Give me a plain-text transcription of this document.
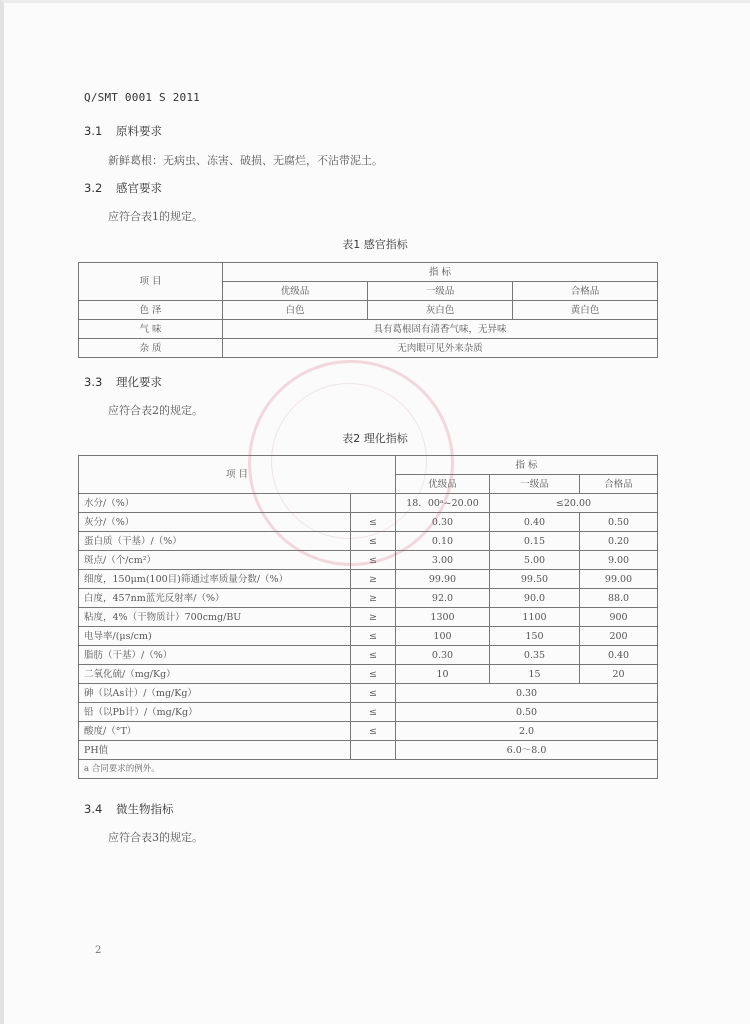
Q/SMT 0001 S 2011
3.1 原料要求
新鲜葛根：无病虫、冻害、破损、无腐烂，不沾带泥土。
3.2 感官要求
应符合表1的规定。
表1 感官指标
项 目	指 标		
	优级品	一级品	合格品
色 泽	白色	灰白色	黄白色
气 味	具有葛根固有清香气味，无异味		
杂 质	无肉眼可见外来杂质		
3.3 理化要求
应符合表2的规定。
表2 理化指标
项 目		指 标		
		优级品	一级品	合格品
水分/（%）		18．00ᵃ~20.00	≤20.00	
灰分/（%）	≤	0.30	0.40	0.50
蛋白质（干基）/（%）	≤	0.10	0.15	0.20
斑点/（个/cm²）	≤	3.00	5.00	9.00
细度，150μm(100目)筛通过率质量分数/（%）	≥	99.90	99.50	99.00
白度，457nm蓝光反射率/（%）	≥	92.0	90.0	88.0
粘度，4%（干物质计）700cmg/BU	≥	1300	1100	900
电导率/(μs/cm)	≤	100	150	200
脂肪（干基）/（%）	≤	0.30	0.35	0.40
二氧化硫/（mg/Kg）	≤	10	15	20
砷（以As计）/（mg/Kg）	≤	0.30		
铅（以Pb计）/（mg/Kg）	≤	0.50		
酸度/（°T）	≤	2.0		
PH值		6.0～8.0		
a 合同要求的例外。				
3.4 微生物指标
应符合表3的规定。
2
